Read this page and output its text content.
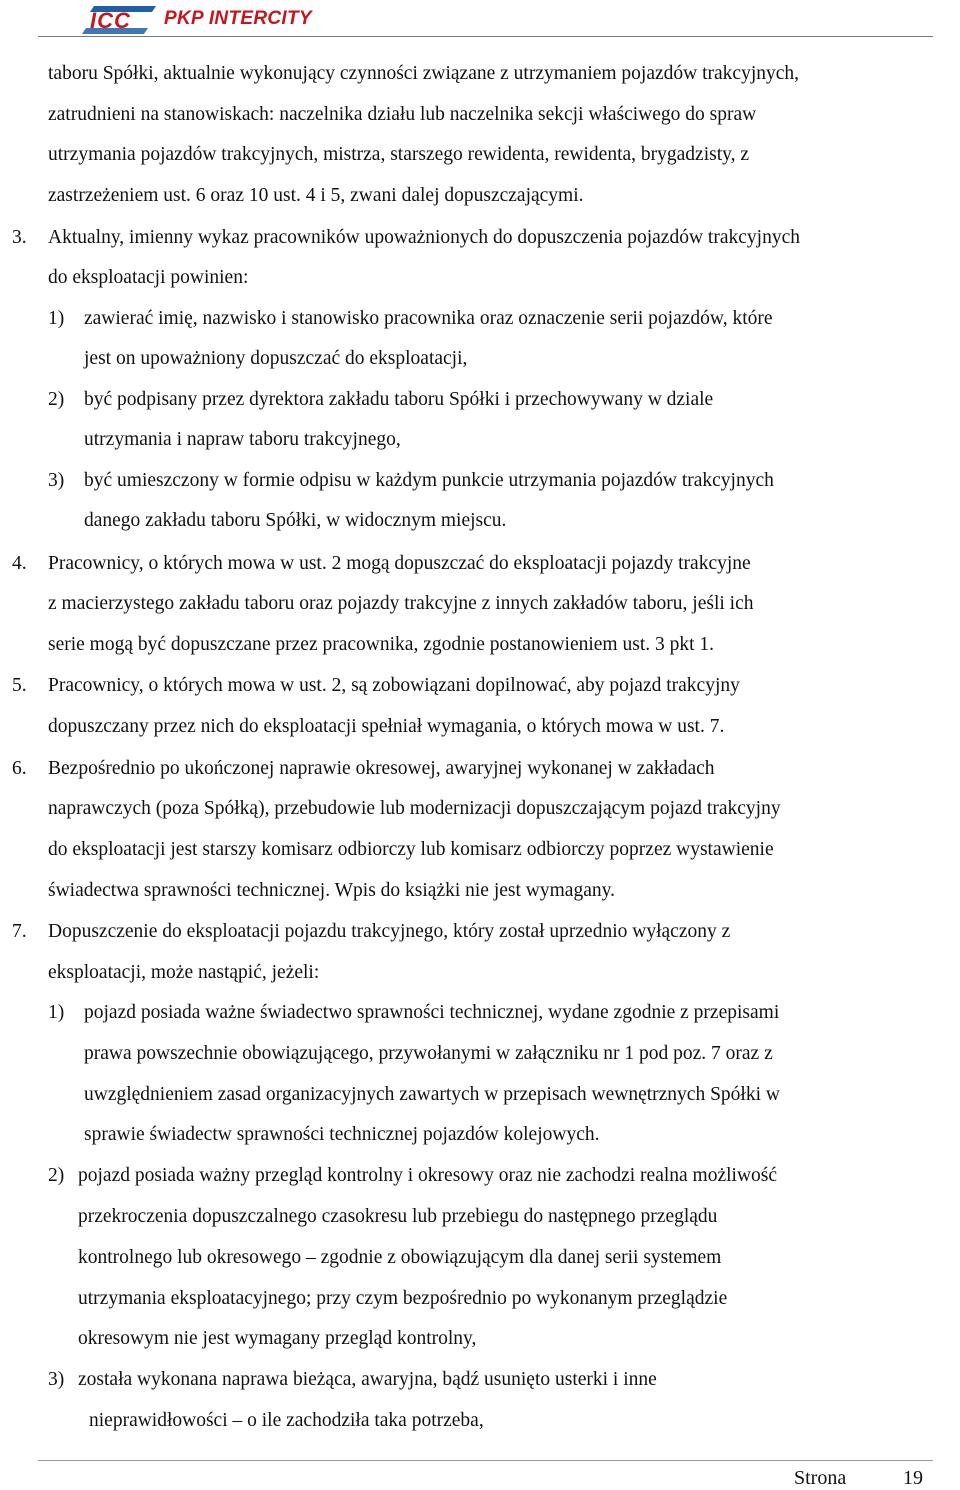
ICC PKP INTERCITY
taboru Spółki, aktualnie wykonujący czynności związane z utrzymaniem pojazdów trakcyjnych,
zatrudnieni na stanowiskach: naczelnika działu lub naczelnika sekcji właściwego do spraw
utrzymania pojazdów trakcyjnych, mistrza, starszego rewidenta, rewidenta, brygadzisty, z
zastrzeżeniem ust. 6 oraz 10 ust. 4 i 5, zwani dalej dopuszczającymi.
3. Aktualny, imienny wykaz pracowników upoważnionych do dopuszczenia pojazdów trakcyjnych
do eksploatacji powinien:
1) zawierać imię, nazwisko i stanowisko pracownika oraz oznaczenie serii pojazdów, które
jest on upoważniony dopuszczać do eksploatacji,
2) być podpisany przez dyrektora zakładu taboru Spółki i przechowywany w dziale
utrzymania i napraw taboru trakcyjnego,
3) być umieszczony w formie odpisu w każdym punkcie utrzymania pojazdów trakcyjnych
danego zakładu taboru Spółki, w widocznym miejscu.
4. Pracownicy, o których mowa w ust. 2 mogą dopuszczać do eksploatacji pojazdy trakcyjne
z macierzystego zakładu taboru oraz pojazdy trakcyjne z innych zakładów taboru, jeśli ich
serie mogą być dopuszczane przez pracownika, zgodnie postanowieniem ust. 3 pkt 1.
5. Pracownicy, o których mowa w ust. 2, są zobowiązani dopilnować, aby pojazd trakcyjny
dopuszczany przez nich do eksploatacji spełniał wymagania, o których mowa w ust. 7.
6. Bezpośrednio po ukończonej naprawie okresowej, awaryjnej wykonanej w zakładach
naprawczych (poza Spółką), przebudowie lub modernizacji dopuszczającym pojazd trakcyjny
do eksploatacji jest starszy komisarz odbiorczy lub komisarz odbiorczy poprzez wystawienie
świadectwa sprawności technicznej. Wpis do książki nie jest wymagany.
7. Dopuszczenie do eksploatacji pojazdu trakcyjnego, który został uprzednio wyłączony z
eksploatacji, może nastąpić, jeżeli:
1) pojazd posiada ważne świadectwo sprawności technicznej, wydane zgodnie z przepisami
prawa powszechnie obowiązującego, przywołanymi w załączniku nr 1 pod poz. 7 oraz z
uwzględnieniem zasad organizacyjnych zawartych w przepisach wewnętrznych Spółki w
sprawie świadectw sprawności technicznej pojazdów kolejowych.
2) pojazd posiada ważny przegląd kontrolny i okresowy oraz nie zachodzi realna możliwość
przekroczenia dopuszczalnego czasokresu lub przebiegu do następnego przeglądu
kontrolnego lub okresowego – zgodnie z obowiązującym dla danej serii systemem
utrzymania eksploatacyjnego; przy czym bezpośrednio po wykonanym przeglądzie
okresowym nie jest wymagany przegląd kontrolny,
3) została wykonana naprawa bieżąca, awaryjna, bądź usunięto usterki i inne
nieprawidłowości – o ile zachodziła taka potrzeba,
Strona	19
